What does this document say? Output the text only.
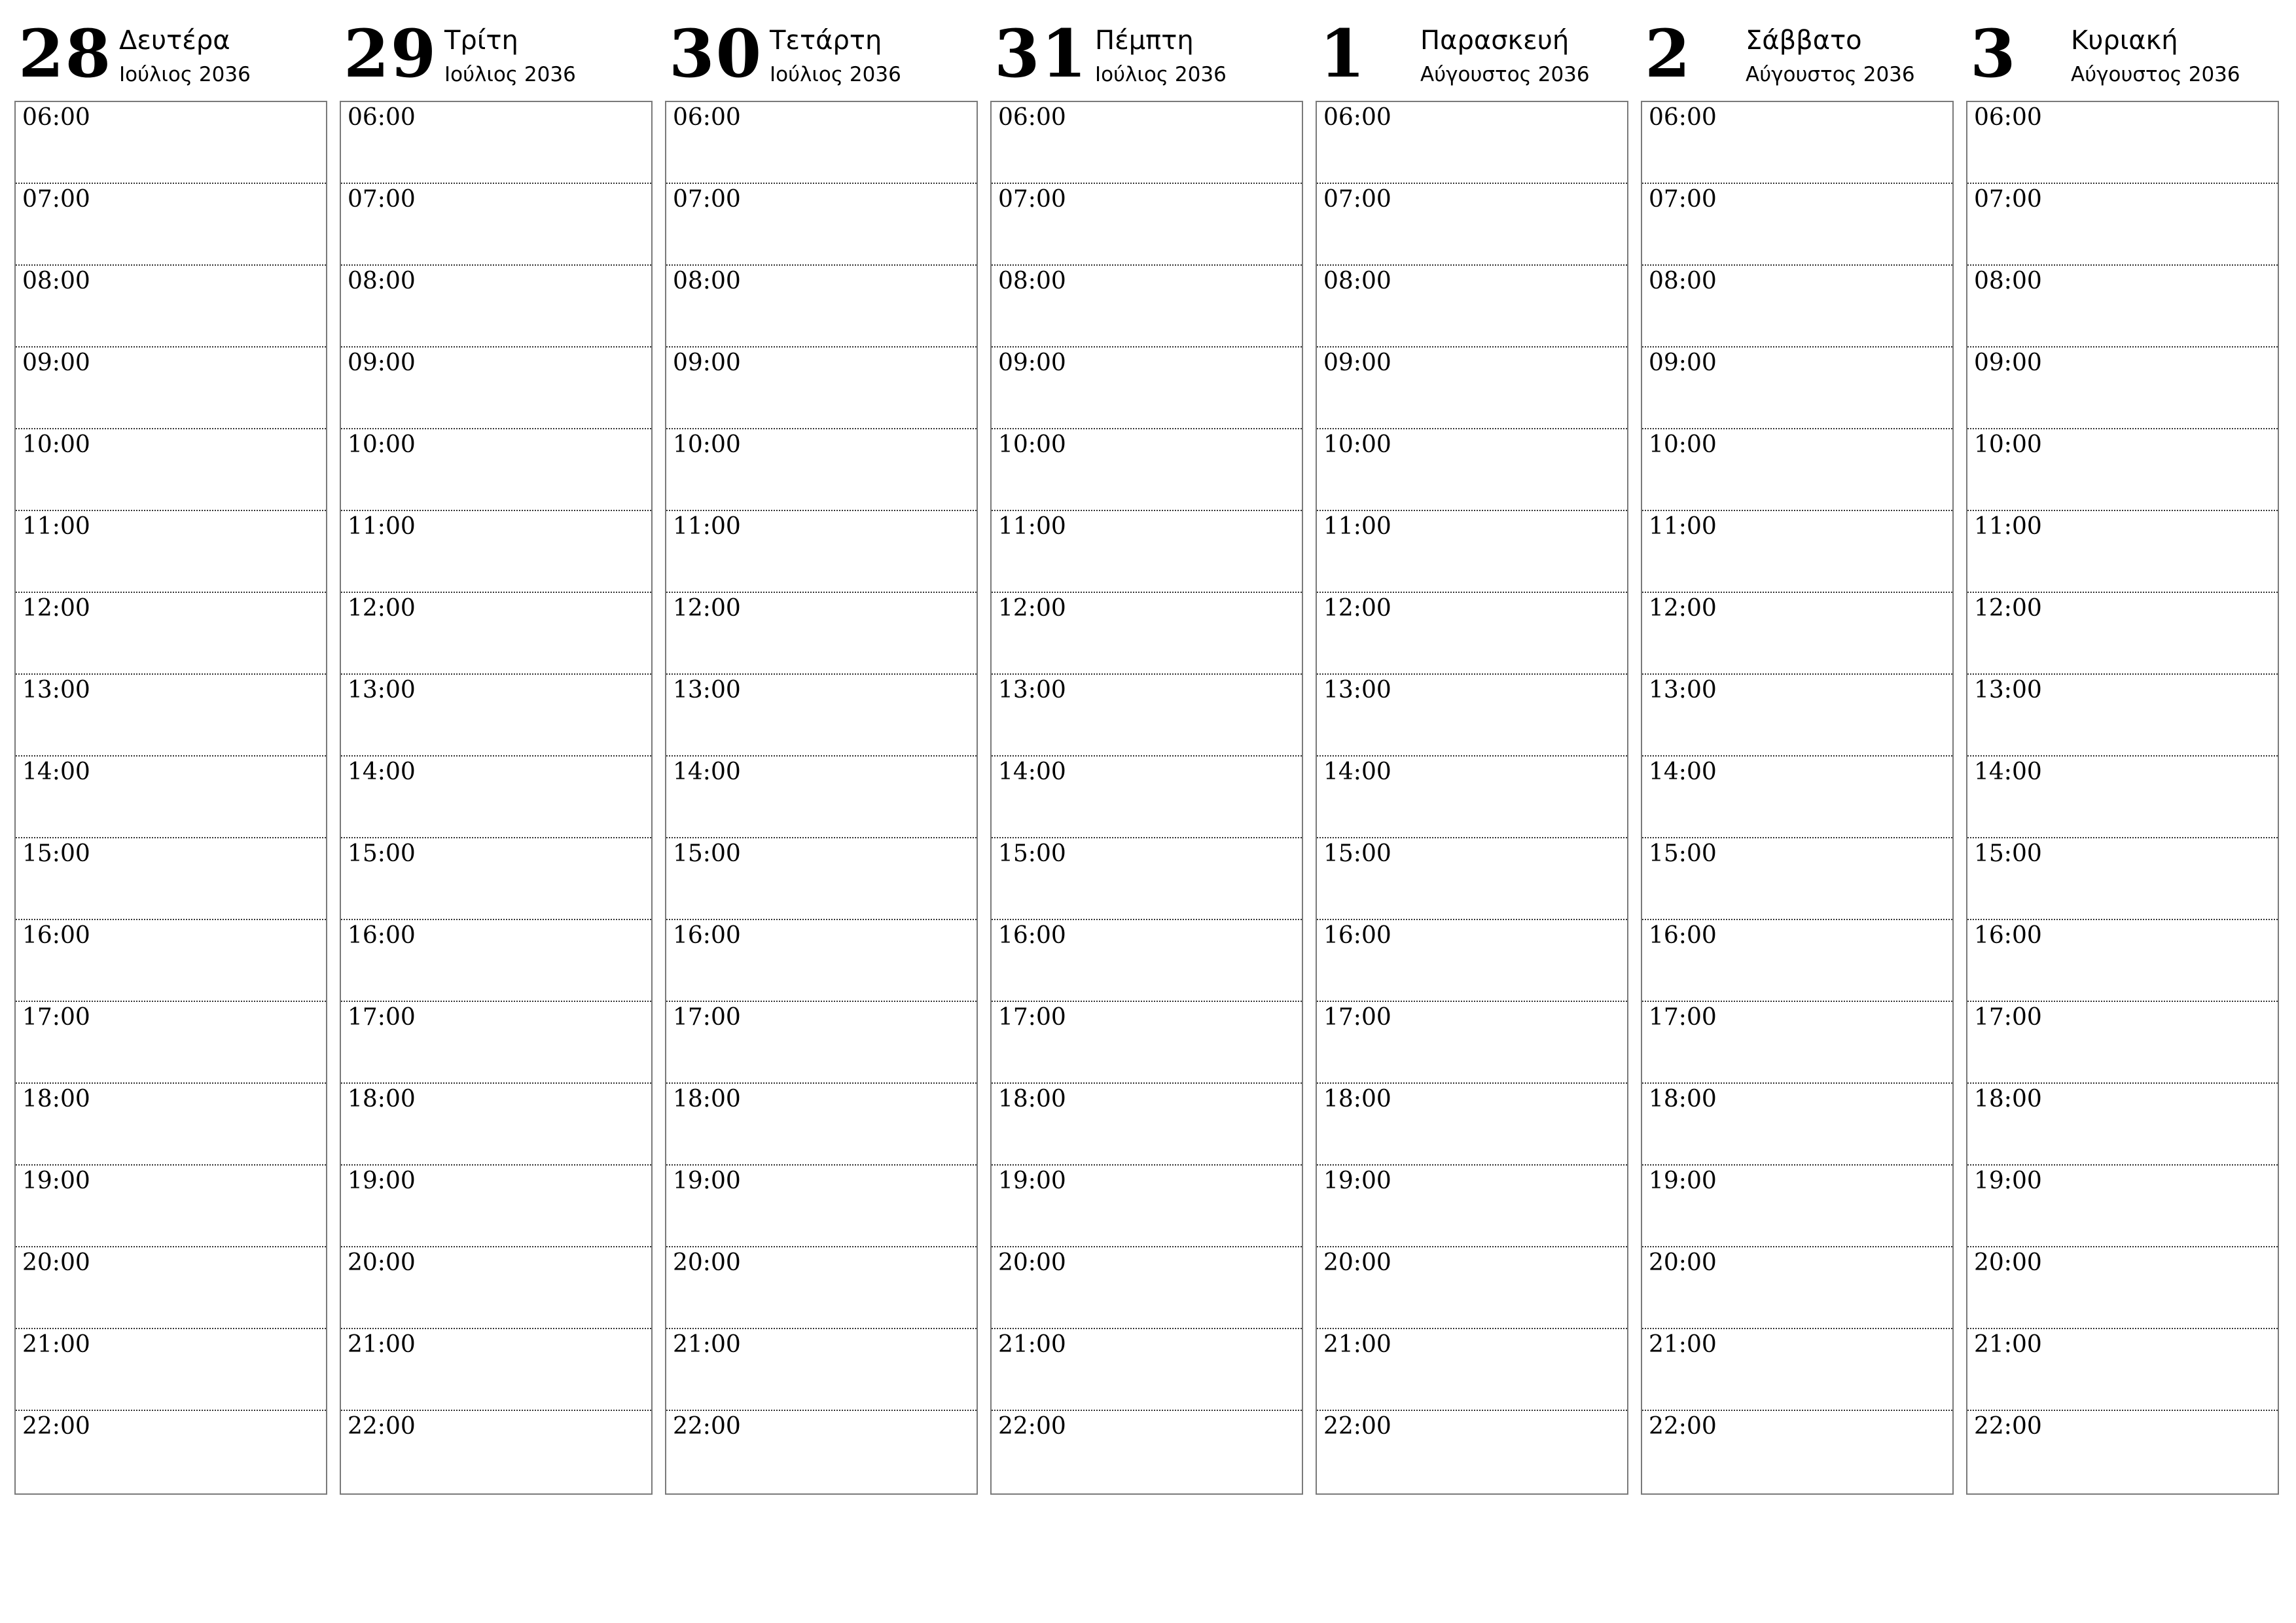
28 Δευτέρα
Ιούλιος 2036
06:00
07:00
08:00
09:00
10:00
11:00
12:00
13:00
14:00
15:00
16:00
17:00
18:00
19:00
20:00
21:00
22:00
29 Τρίτη
Ιούλιος 2036
06:00
07:00
08:00
09:00
10:00
11:00
12:00
13:00
14:00
15:00
16:00
17:00
18:00
19:00
20:00
21:00
22:00
30 Τετάρτη
Ιούλιος 2036
06:00
07:00
08:00
09:00
10:00
11:00
12:00
13:00
14:00
15:00
16:00
17:00
18:00
19:00
20:00
21:00
22:00
31 Πέμπτη
Ιούλιος 2036
06:00
07:00
08:00
09:00
10:00
11:00
12:00
13:00
14:00
15:00
16:00
17:00
18:00
19:00
20:00
21:00
22:00
1 Παρασκευή
Αύγουστος 2036
06:00
07:00
08:00
09:00
10:00
11:00
12:00
13:00
14:00
15:00
16:00
17:00
18:00
19:00
20:00
21:00
22:00
2 Σάββατο
Αύγουστος 2036
06:00
07:00
08:00
09:00
10:00
11:00
12:00
13:00
14:00
15:00
16:00
17:00
18:00
19:00
20:00
21:00
22:00
3 Κυριακή
Αύγουστος 2036
06:00
07:00
08:00
09:00
10:00
11:00
12:00
13:00
14:00
15:00
16:00
17:00
18:00
19:00
20:00
21:00
22:00
